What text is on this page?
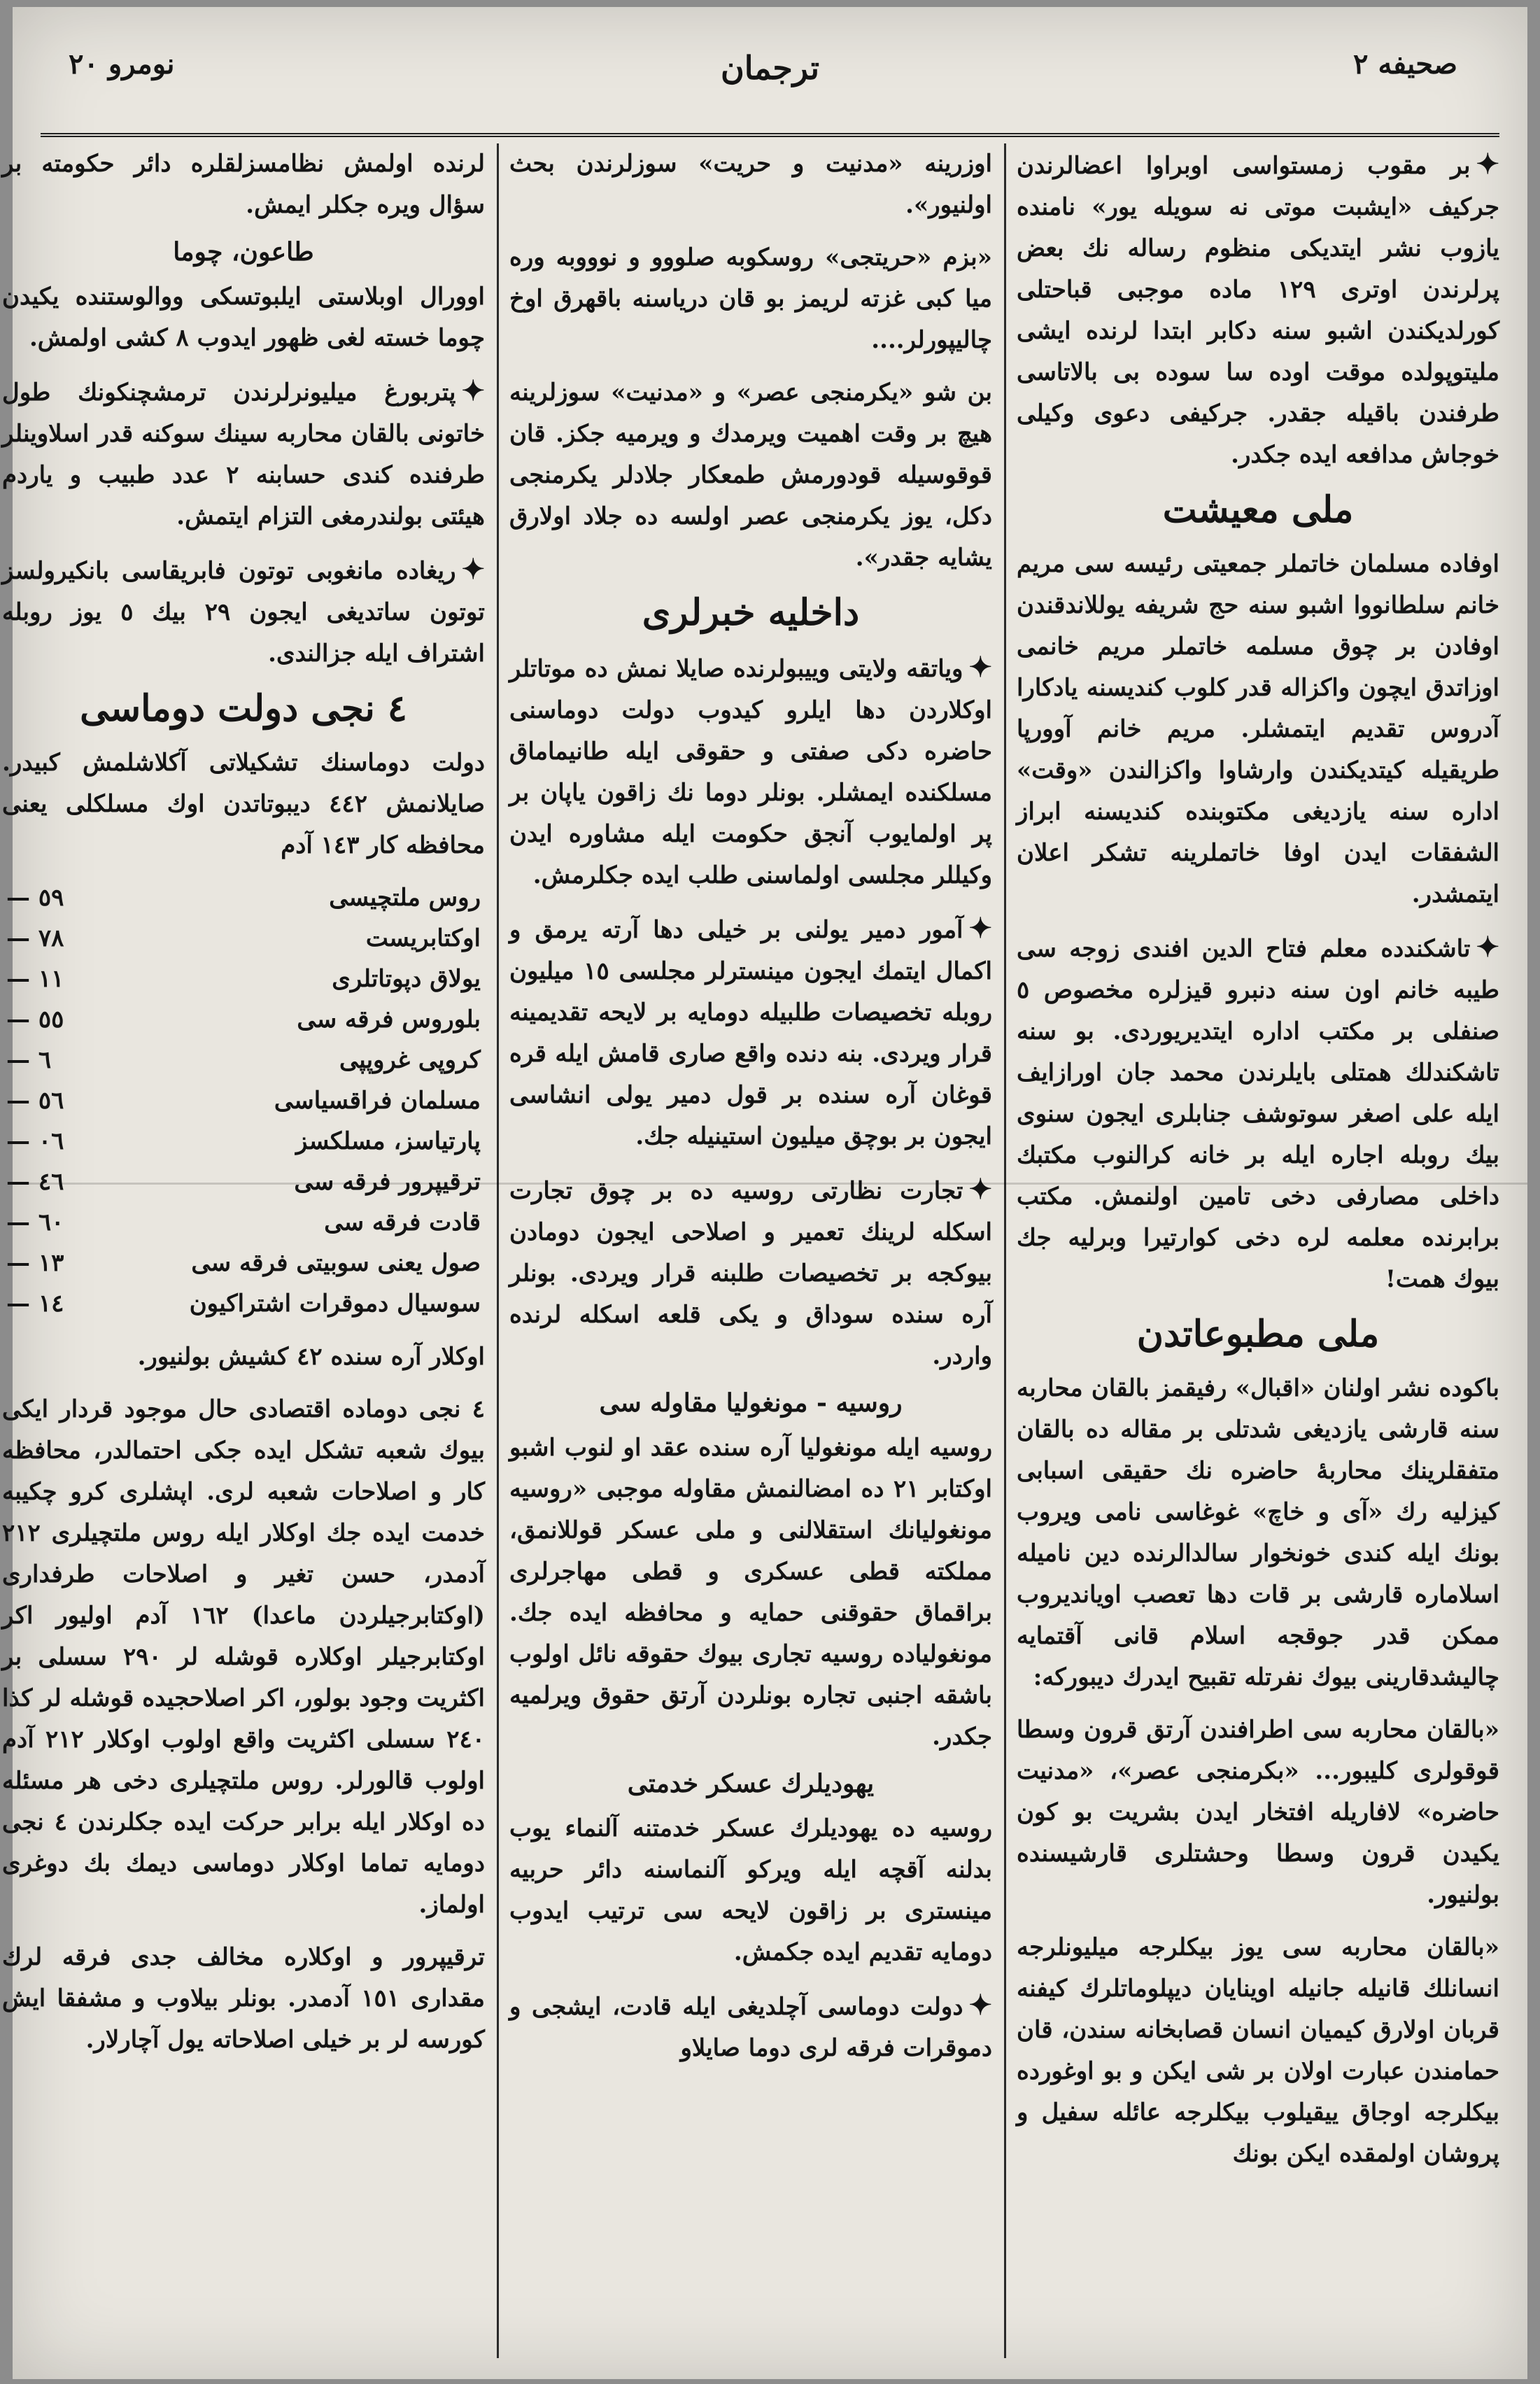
نومرو ٢٠	ترجمان	صحيفه ٢

✦بر مقوب زمستواسی اوبراوا اعضالرندن جرکیف «ایشبت موتی نه سویله یور» نامنده یازوب نشر ایتدیکی منظوم رساله نك بعض پرلرندن اوتری ١٢٩ ماده موجبی قباحتلی کورلدیکندن اشبو سنه دکابر ابتدا لرنده ایشی ملیتوپولده موقت اوده سا سوده بی بالاتاسی طرفندن باقیله جقدر. جرکیفی دعوی وکیلی خوجاش مدافعه ایده جکدر.

ملی معیشت

اوفاده مسلمان خاتملر جمعیتی رئیسه سی مریم خانم سلطانووا اشبو سنه حج شریفه یوللاندقندن اوفادن بر چوق مسلمه خاتملر مریم خانمی اوزاتدق ایچون واکزاله قدر کلوب کندیسنه یادکارا آدروس تقدیم ایتمشلر. مریم خانم آوورپا طریقیله کیتدیکندن وارشاوا واکزالندن «وقت» اداره سنه یازدیغی مکتوبنده کندیسنه ابراز الشفقات ایدن اوفا خاتملرینه تشکر اعلان ایتمشدر.

✦تاشکندده معلم فتاح الدین افندی زوجه سی طیبه خانم اون سنه دنبرو قیزلره مخصوص ٥ صنفلی بر مکتب اداره ایتدیریوردی. بو سنه تاشکندلك همتلی بایلرندن محمد جان اورازایف ایله علی اصغر سوتوشف جنابلری ایجون سنوی بیك روبله اجاره ایله بر خانه کرالنوب مکتبك داخلی مصارفی دخی تامین اولنمش. مکتب برابرنده معلمه لره دخی کوارتیرا وبرلیه جك بیوك همت!

ملی مطبوعاتدن

باکوده نشر اولنان «اقبال» رفیقمز بالقان محاربه سنه قارشی یازدیغی شدتلی بر مقاله ده بالقان متفقلرینك محاربهٔ حاضره نك حقیقی اسبابی کیزلیه رك «آی و خاچ» غوغاسی نامی ویروب بونك ایله کندی خونخوار سالدالرنده دین نامیله اسلاماره قارشی بر قات دها تعصب اویاندیروب ممکن قدر جوقجه اسلام قانی آقتمایه چالیشدقارینی بیوك نفرتله تقبیح ایدرك دیبورکه:

«بالقان محاربه سی اطرافندن آرتق قرون وسطا قوقولری کلیبور... «بکرمنجی عصر»، «مدنیت حاضره» لافاریله افتخار ایدن بشریت بو کون یکیدن قرون وسطا وحشتلری قارشیسنده بولنیور.

«بالقان محاربه سی یوز بیکلرجه میلیونلرجه انسانلك قانیله جانیله اوینایان دیپلوماتلرك کیفنه قربان اولارق کیمیان انسان قصابخانه سندن، قان حمامندن عبارت اولان بر شی ایکن و بو اوغورده بیکلرجه اوجاق ییقیلوب بیکلرجه عائله سفیل و پروشان اولمقده ایکن بونك

اوزرینه «مدنیت و حریت» سوزلرندن بحث اولنیور».

«بزم «حریتجی» روسکوبه صلووو و نوووبه وره میا کبی غزته لریمز بو قان دریاسنه باقهرق اوخ چالیپورلر....

بن شو «یکرمنجی عصر» و «مدنیت» سوزلرینه هیچ بر وقت اهمیت ویرمدك و ویرمیه جکز. قان قوقوسیله قودورمش طمعکار جلادلر یکرمنجی دکل، یوز یکرمنجی عصر اولسه ده جلاد اولارق یشایه جقدر».

داخلیه خبرلری

✦ویاتقه ولایتی وییبولرنده صایلا نمش ده موتاتلر اوکلاردن دها ایلرو کیدوب دولت دوماسنی حاضره دکی صفتی و حقوقی ایله طانیماماق مسلکنده ایمشلر. بونلر دوما نك زاقون یاپان بر پر اولمایوب آنجق حکومت ایله مشاوره ایدن وکیللر مجلسی اولماسنی طلب ایده جکلرمش.

✦آمور دمیر یولنی بر خیلی دها آرته یرمق و اکمال ایتمك ایجون مینسترلر مجلسی ١٥ میلیون روبله تخصیصات طلبیله دومایه بر لایحه تقدیمینه قرار ویردی. بنه دنده واقع صاری قامش ایله قره قوغان آره سنده بر قول دمیر یولی انشاسی ایجون بر بوچق میلیون استینیله جك.

✦تجارت نظارتی روسیه ده بر چوق تجارت اسکله لرینك تعمیر و اصلاحی ایجون دومادن بیوکجه بر تخصیصات طلبنه قرار ویردی. بونلر آره سنده سوداق و یکی قلعه اسکله لرنده واردر.

روسیه - مونغولیا مقاوله سی

روسیه ایله مونغولیا آره سنده عقد او لنوب اشبو اوکتابر ٢١ ده امضالنمش مقاوله موجبی «روسیه مونغولیانك استقلالنی و ملی عسکر قوللانمق، مملکته قطی عسکری و قطی مهاجرلری براقماق حقوقنی حمایه و محافظه ایده جك. مونغولیاده روسیه تجاری بیوك حقوقه نائل اولوب باشقه اجنبی تجاره بونلردن آرتق حقوق ویرلمیه جکدر.

یهودیلرك عسکر خدمتی

روسیه ده یهودیلرك عسکر خدمتنه آلنماء یوب بدلنه آقچه ایله ویرکو آلنماسنه دائر حربیه مینستری بر زاقون لایحه سی ترتیب ایدوب دومایه تقدیم ایده جکمش.

✦دولت دوماسی آچلدیغی ایله قادت، ایشجی و دموقرات فرقه لری دوما صایلاو

لرنده اولمش نظامسزلقلره دائر حکومته بر سؤال ویره جکلر ایمش.

طاعون، چوما

اوورال اوبلاستی ایلبوتسکی ووالوستنده یکیدن چوما خسته لغی ظهور ایدوب ٨ کشی اولمش.

✦پتربورغ میلیونرلرندن ترمشچنکونك طول خاتونی بالقان محاربه سینك سوکنه قدر اسلاوینلر طرفنده کندی حسابنه ٢ عدد طبیب و یاردم هیئتی بولندرمغی التزام ایتمش.

✦ریغاده مانغوبی توتون فابریقاسی بانکیرولسز توتون ساتدیغی ایجون ٢٩ بیك ٥ یوز روبله اشتراف ایله جزالندی.

٤ نجی دولت دوماسی

دولت دوماسنك تشکیلاتی آکلاشلمش کبیدر. صایلانمش ٤٤٢ دیبوتاتدن اوك مسلکلی یعنی محافظه کار ١٤٣ آدم

روس ملتچیسی	٥٩ —
اوکتابریست	٧٨ —
یولاق دپوتاتلری	١١ —
بلوروس فرقه سی	٥٥ —
کروپی غروپپی	٦ —
مسلمان فراقسیاسی	٥٦ —
پارتیاسز، مسلکسز	٠٦ —
ترقیپرور فرقه سی	٤٦ —
قادت فرقه سی	٦٠ —
صول یعنی سوبیتی فرقه سی	١٣ —
سوسیال دموقرات اشتراکیون	١٤ —

اوکلار آره سنده ٤٢ کشیش بولنیور.

٤ نجی دوماده اقتصادی حال موجود قردار ایکی بیوك شعبه تشکل ایده جکی احتمالدر، محافظه کار و اصلاحات شعبه لری. اپشلری کرو چکیبه خدمت ایده جك اوکلار ایله روس ملتچیلری ٢١٢ آدمدر، حسن تغیر و اصلاحات طرفداری (اوکتابرجیلردن ماعدا) ١٦٢ آدم اولیور اکر اوکتابرجیلر اوکلاره قوشله لر ٢٩٠ سسلی بر اکثریت وجود بولور، اکر اصلاحجیده قوشله لر کذا ٢٤٠ سسلی اکثریت واقع اولوب اوکلار ٢١٢ آدم اولوب قالورلر. روس ملتچیلری دخی هر مسئله ده اوکلار ایله برابر حرکت ایده جکلرندن ٤ نجی دومایه تماما اوکلار دوماسی دیمك بك دوغری اولماز.

ترقیپرور و اوکلاره مخالف جدی فرقه لرك مقداری ١٥١ آدمدر. بونلر بیلاوب و مشفقا ایش کورسه لر بر خیلی اصلاحاته یول آچارلار.
